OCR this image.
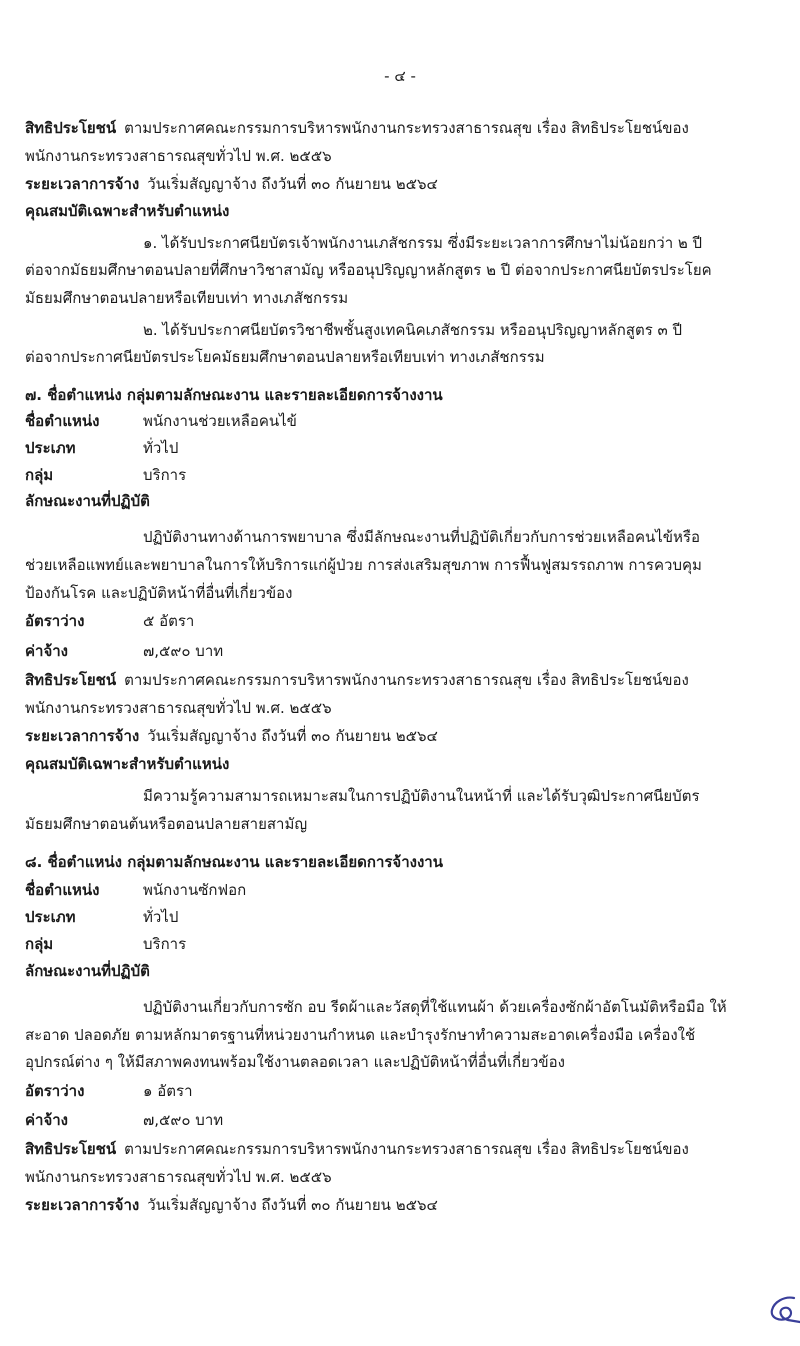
- ๔ -
สิทธิประโยชน์ ตามประกาศคณะกรรมการบริหารพนักงานกระทรวงสาธารณสุข เรื่อง สิทธิประโยชน์ของ
พนักงานกระทรวงสาธารณสุขทั่วไป พ.ศ. ๒๕๕๖
ระยะเวลาการจ้าง วันเริ่มสัญญาจ้าง ถึงวันที่ ๓๐ กันยายน ๒๕๖๔
คุณสมบัติเฉพาะสำหรับตำแหน่ง
๑. ได้รับประกาศนียบัตรเจ้าพนักงานเภสัชกรรม ซึ่งมีระยะเวลาการศึกษาไม่น้อยกว่า ๒ ปี
ต่อจากมัธยมศึกษาตอนปลายที่ศึกษาวิชาสามัญ หรืออนุปริญญาหลักสูตร ๒ ปี ต่อจากประกาศนียบัตรประโยค
มัธยมศึกษาตอนปลายหรือเทียบเท่า ทางเภสัชกรรม
๒. ได้รับประกาศนียบัตรวิชาชีพชั้นสูงเทคนิคเภสัชกรรม หรืออนุปริญญาหลักสูตร ๓ ปี
ต่อจากประกาศนียบัตรประโยคมัธยมศึกษาตอนปลายหรือเทียบเท่า ทางเภสัชกรรม
๗. ชื่อตำแหน่ง กลุ่มตามลักษณะงาน และรายละเอียดการจ้างงาน
ชื่อตำแหน่ง	พนักงานช่วยเหลือคนไข้
ประเภท	ทั่วไป
กลุ่ม	บริการ
ลักษณะงานที่ปฏิบัติ
ปฏิบัติงานทางด้านการพยาบาล ซึ่งมีลักษณะงานที่ปฏิบัติเกี่ยวกับการช่วยเหลือคนไข้หรือ
ช่วยเหลือแพทย์และพยาบาลในการให้บริการแก่ผู้ป่วย การส่งเสริมสุขภาพ การฟื้นฟูสมรรถภาพ การควบคุม
ป้องกันโรค และปฏิบัติหน้าที่อื่นที่เกี่ยวข้อง
อัตราว่าง	๕ อัตรา
ค่าจ้าง	๗,๕๙๐ บาท
สิทธิประโยชน์ ตามประกาศคณะกรรมการบริหารพนักงานกระทรวงสาธารณสุข เรื่อง สิทธิประโยชน์ของ
พนักงานกระทรวงสาธารณสุขทั่วไป พ.ศ. ๒๕๕๖
ระยะเวลาการจ้าง วันเริ่มสัญญาจ้าง ถึงวันที่ ๓๐ กันยายน ๒๕๖๔
คุณสมบัติเฉพาะสำหรับตำแหน่ง
มีความรู้ความสามารถเหมาะสมในการปฏิบัติงานในหน้าที่ และได้รับวุฒิประกาศนียบัตร
มัธยมศึกษาตอนต้นหรือตอนปลายสายสามัญ
๘. ชื่อตำแหน่ง กลุ่มตามลักษณะงาน และรายละเอียดการจ้างงาน
ชื่อตำแหน่ง	พนักงานซักฟอก
ประเภท	ทั่วไป
กลุ่ม	บริการ
ลักษณะงานที่ปฏิบัติ
ปฏิบัติงานเกี่ยวกับการซัก อบ รีดผ้าและวัสดุที่ใช้แทนผ้า ด้วยเครื่องซักผ้าอัตโนมัติหรือมือ ให้
สะอาด ปลอดภัย ตามหลักมาตรฐานที่หน่วยงานกำหนด และบำรุงรักษาทำความสะอาดเครื่องมือ เครื่องใช้
อุปกรณ์ต่าง ๆ ให้มีสภาพคงทนพร้อมใช้งานตลอดเวลา และปฏิบัติหน้าที่อื่นที่เกี่ยวข้อง
อัตราว่าง	๑ อัตรา
ค่าจ้าง	๗,๕๙๐ บาท
สิทธิประโยชน์ ตามประกาศคณะกรรมการบริหารพนักงานกระทรวงสาธารณสุข เรื่อง สิทธิประโยชน์ของ
พนักงานกระทรวงสาธารณสุขทั่วไป พ.ศ. ๒๕๕๖
ระยะเวลาการจ้าง วันเริ่มสัญญาจ้าง ถึงวันที่ ๓๐ กันยายน ๒๕๖๔
